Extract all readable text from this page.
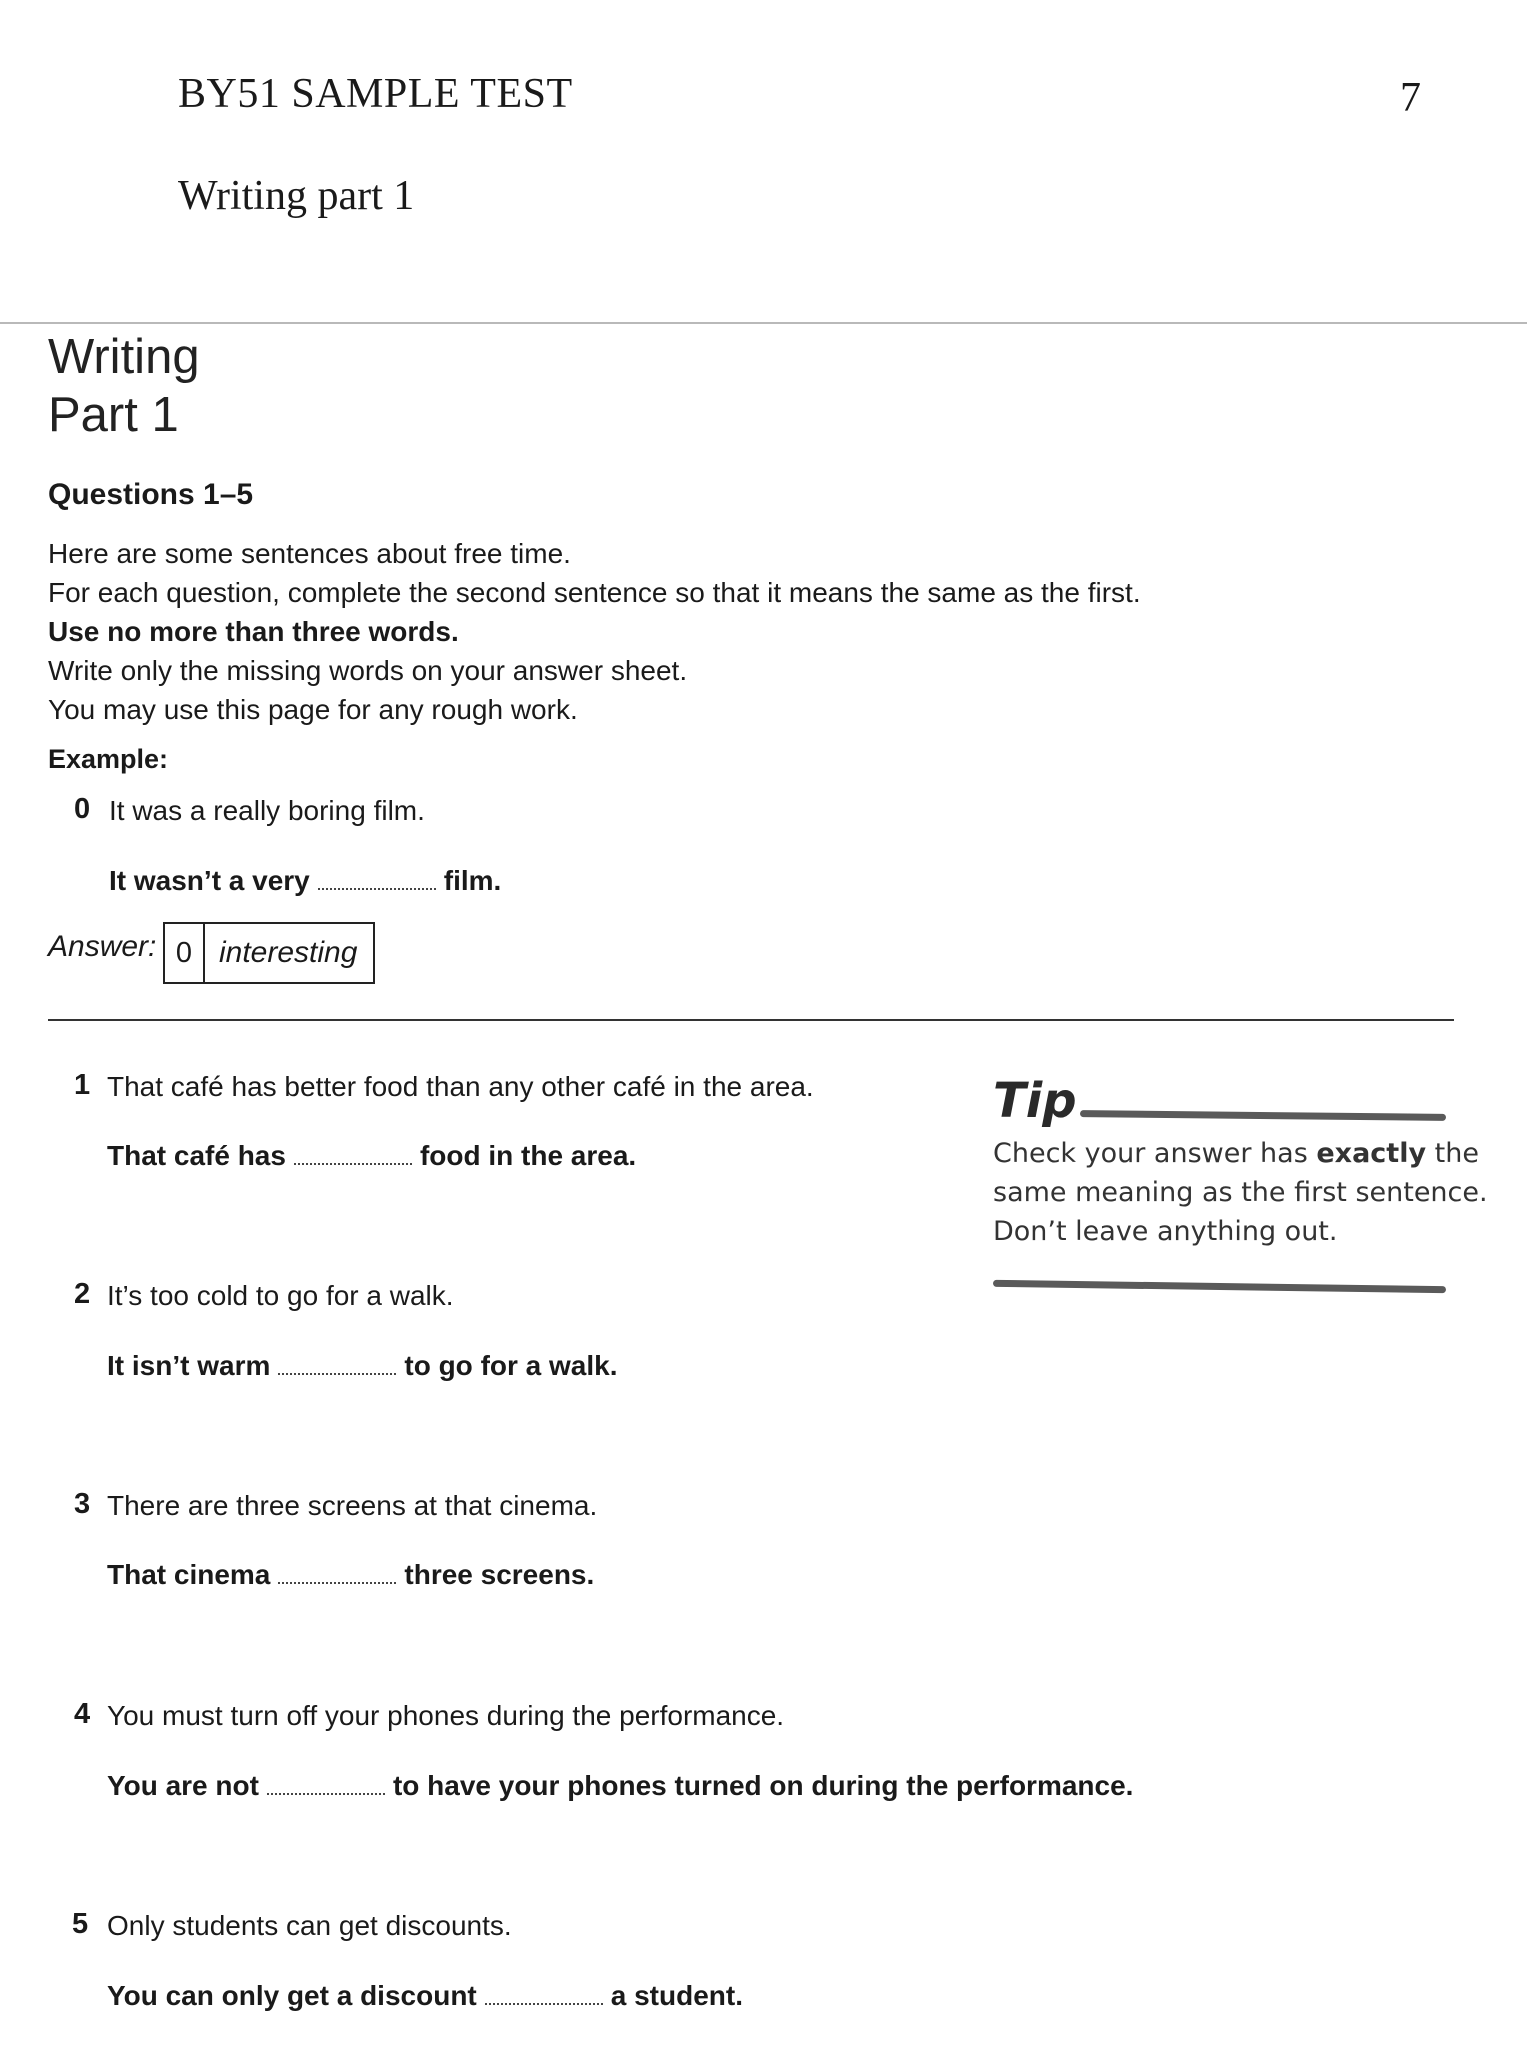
BY51 SAMPLE TEST	7
Writing part 1
Writing
Part 1
Questions 1–5
Here are some sentences about free time.
For each question, complete the second sentence so that it means the same as the first.
Use no more than three words.
Write only the missing words on your answer sheet.
You may use this page for any rough work.
Example:
0 It was a really boring film.
It wasn’t a very	film.
Answer: 0 interesting
1 That café has better food than any other café in the area.
That café has	food in the area.
2 It’s too cold to go for a walk.
It isn’t warm	to go for a walk.
3 There are three screens at that cinema.
That cinema	three screens.
4 You must turn off your phones during the performance.
You are not	to have your phones turned on during the performance.
5 Only students can get discounts.
You can only get a discount	a student.
Tip
Check your answer has exactly the
same meaning as the first sentence.
Don’t leave anything out.
